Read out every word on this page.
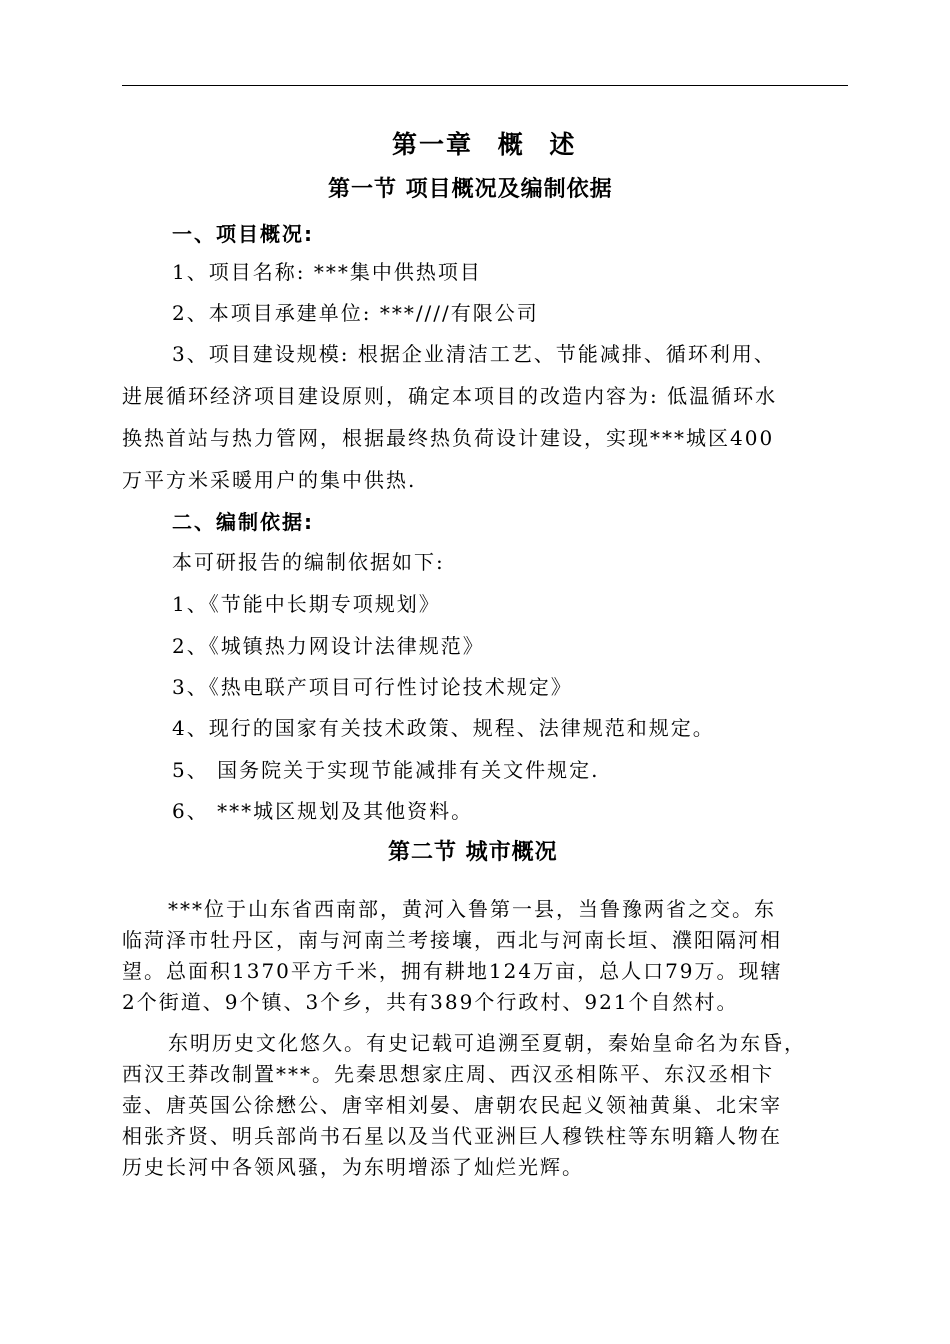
第一章 概 述
第一节 项目概况及编制依据
一、项目概况:
1、项目名称: ***集中供热项目
2、本项目承建单位: ***////有限公司
3、项目建设规模: 根据企业清洁工艺、节能减排、循环利用、
进展循环经济项目建设原则，确定本项目的改造内容为: 低温循环水
换热首站与热力管网，根据最终热负荷设计建设，实现***城区400
万平方米采暖用户的集中供热.
二、编制依据:
本可研报告的编制依据如下:
1、《节能中长期专项规划》
2、《城镇热力网设计法律规范》
3、《热电联产项目可行性讨论技术规定》
4、现行的国家有关技术政策、规程、法律规范和规定。
5、 国务院关于实现节能减排有关文件规定.
6、 ***城区规划及其他资料。
第二节 城市概况

***位于山东省西南部，黄河入鲁第一县，当鲁豫两省之交。东

临菏泽市牡丹区，南与河南兰考接壤，西北与河南长垣、濮阳隔河相

望。总面积1370平方千米，拥有耕地124万亩，总人口79万。现辖

2个街道、9个镇、3个乡，共有389个行政村、921个自然村。

东明历史文化悠久。有史记载可追溯至夏朝，秦始皇命名为东昏，

西汉王莽改制置***。先秦思想家庄周、西汉丞相陈平、东汉丞相卞

壶、唐英国公徐懋公、唐宰相刘晏、唐朝农民起义领袖黄巢、北宋宰

相张齐贤、明兵部尚书石星以及当代亚洲巨人穆铁柱等东明籍人物在

历史长河中各领风骚，为东明增添了灿烂光辉。
